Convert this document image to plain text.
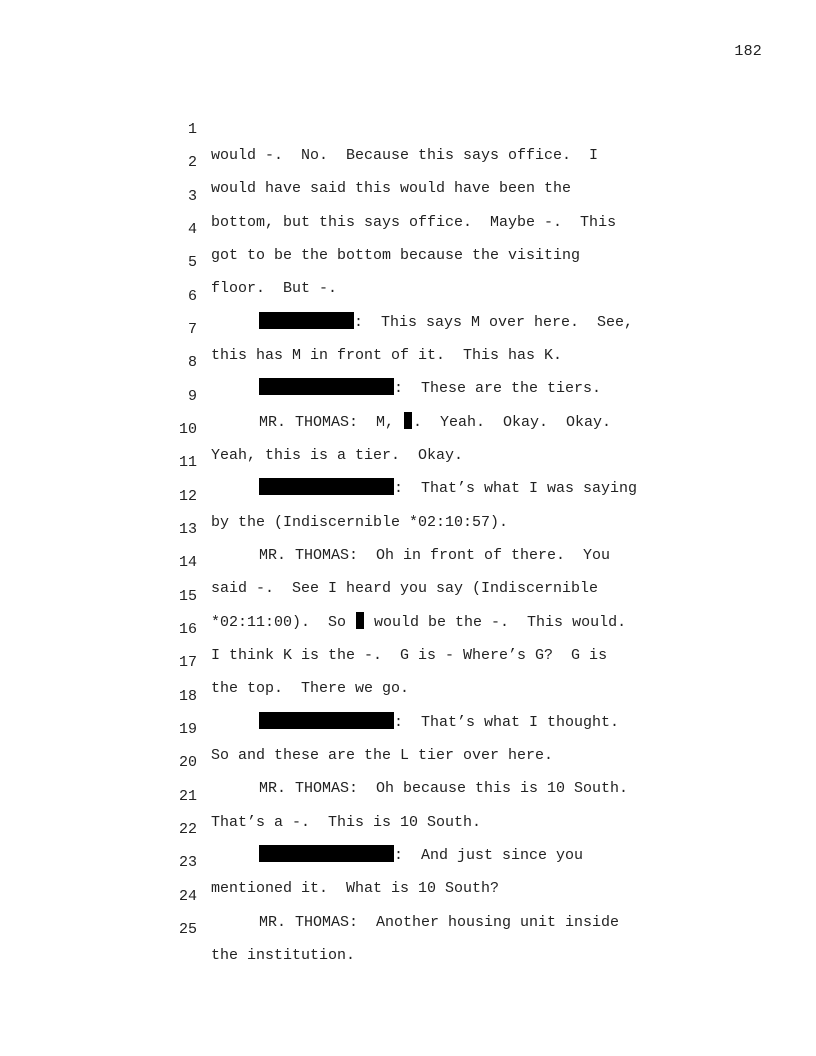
182

1

would -.  No.  Because this says office.  I

2

would have said this would have been the

3

bottom, but this says office.  Maybe -.  This

4

got to be the bottom because the visiting

5

floor.  But -.

6

:  This says M over here.  See,

7

this has M in front of it.  This has K.

8

:  These are the tiers.

9

MR. THOMAS:  M, .  Yeah.  Okay.  Okay.

10

Yeah, this is a tier.  Okay.

11

:  That’s what I was saying

12

by the (Indiscernible *02:10:57).

13

MR. THOMAS:  Oh in front of there.  You

14

said -.  See I heard you say (Indiscernible

15

*02:11:00).  So  would be the -.  This would.

16

I think K is the -.  G is - Where’s G?  G is

17

the top.  There we go.

18

:  That’s what I thought.

19

So and these are the L tier over here.

20

MR. THOMAS:  Oh because this is 10 South.

21

That’s a -.  This is 10 South.

22

:  And just since you

23

mentioned it.  What is 10 South?

24

MR. THOMAS:  Another housing unit inside

25

the institution.
